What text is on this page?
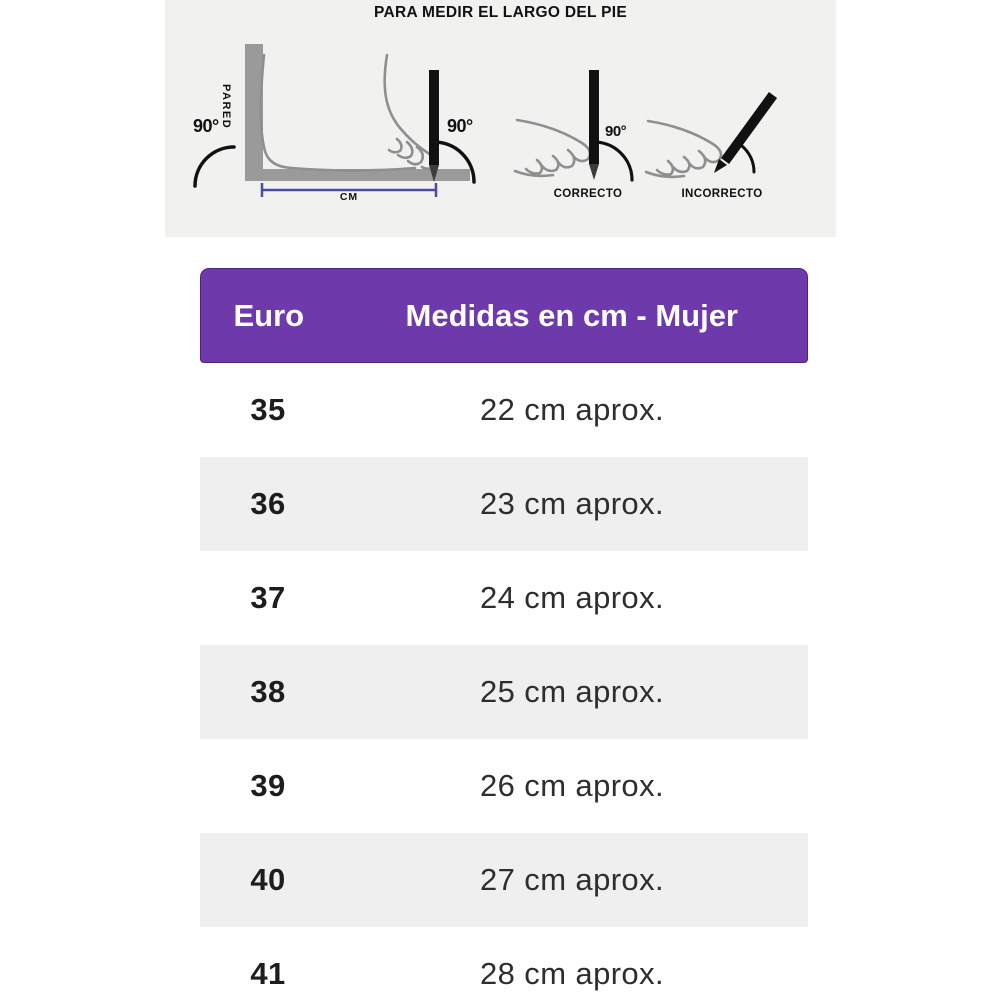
PARA MEDIR EL LARGO DEL PIE
PARED
90°	90°	90°
CM	CORRECTO	INCORRECTO
Euro	Medidas en cm - Mujer
35	22 cm aprox.
36	23 cm aprox.
37	24 cm aprox.
38	25 cm aprox.
39	26 cm aprox.
40	27 cm aprox.
41	28 cm aprox.
